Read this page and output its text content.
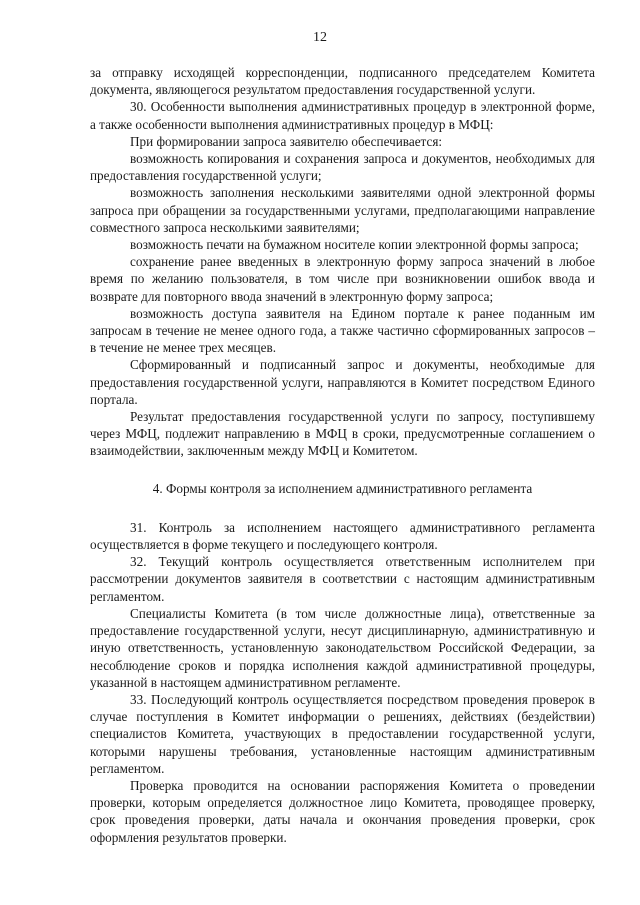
12

за отправку исходящей корреспонденции, подписанного председателем Комитета документа, являющегося результатом предоставления государственной услуги.

30. Особенности выполнения административных процедур в электронной форме, а также особенности выполнения административных процедур в МФЦ:

При формировании запроса заявителю обеспечивается:

возможность копирования и сохранения запроса и документов, необходимых для предоставления государственной услуги;

возможность заполнения несколькими заявителями одной электронной формы запроса при обращении за государственными услугами, предполагающими направление совместного запроса несколькими заявителями;

возможность печати на бумажном носителе копии электронной формы запроса;

сохранение ранее введенных в электронную форму запроса значений в любое время по желанию пользователя, в том числе при возникновении ошибок ввода и возврате для повторного ввода значений в электронную форму запроса;

возможность доступа заявителя на Едином портале к ранее поданным им запросам в течение не менее одного года, а также частично сформированных запросов – в течение не менее трех месяцев.

Сформированный и подписанный запрос и документы, необходимые для предоставления государственной услуги, направляются в Комитет посредством Единого портала.

Результат предоставления государственной услуги по запросу, поступившему через МФЦ, подлежит направлению в МФЦ в сроки, предусмотренные соглашением о взаимодействии, заключенным между МФЦ и Комитетом.

4. Формы контроля за исполнением административного регламента

31. Контроль за исполнением настоящего административного регламента осуществляется в форме текущего и последующего контроля.

32. Текущий контроль осуществляется ответственным исполнителем при рассмотрении документов заявителя в соответствии с настоящим административным регламентом.

Специалисты Комитета (в том числе должностные лица), ответственные за предоставление государственной услуги, несут дисциплинарную, административную и иную ответственность, установленную законодательством Российской Федерации, за несоблюдение сроков и порядка исполнения каждой административной процедуры, указанной в настоящем административном регламенте.

33. Последующий контроль осуществляется посредством проведения проверок в случае поступления в Комитет информации о решениях, действиях (бездействии) специалистов Комитета, участвующих в предоставлении государственной услуги, которыми нарушены требования, установленные настоящим административным регламентом.

Проверка проводится на основании распоряжения Комитета о проведении проверки, которым определяется должностное лицо Комитета, проводящее проверку, срок проведения проверки, даты начала и окончания проведения проверки, срок оформления результатов проверки.
